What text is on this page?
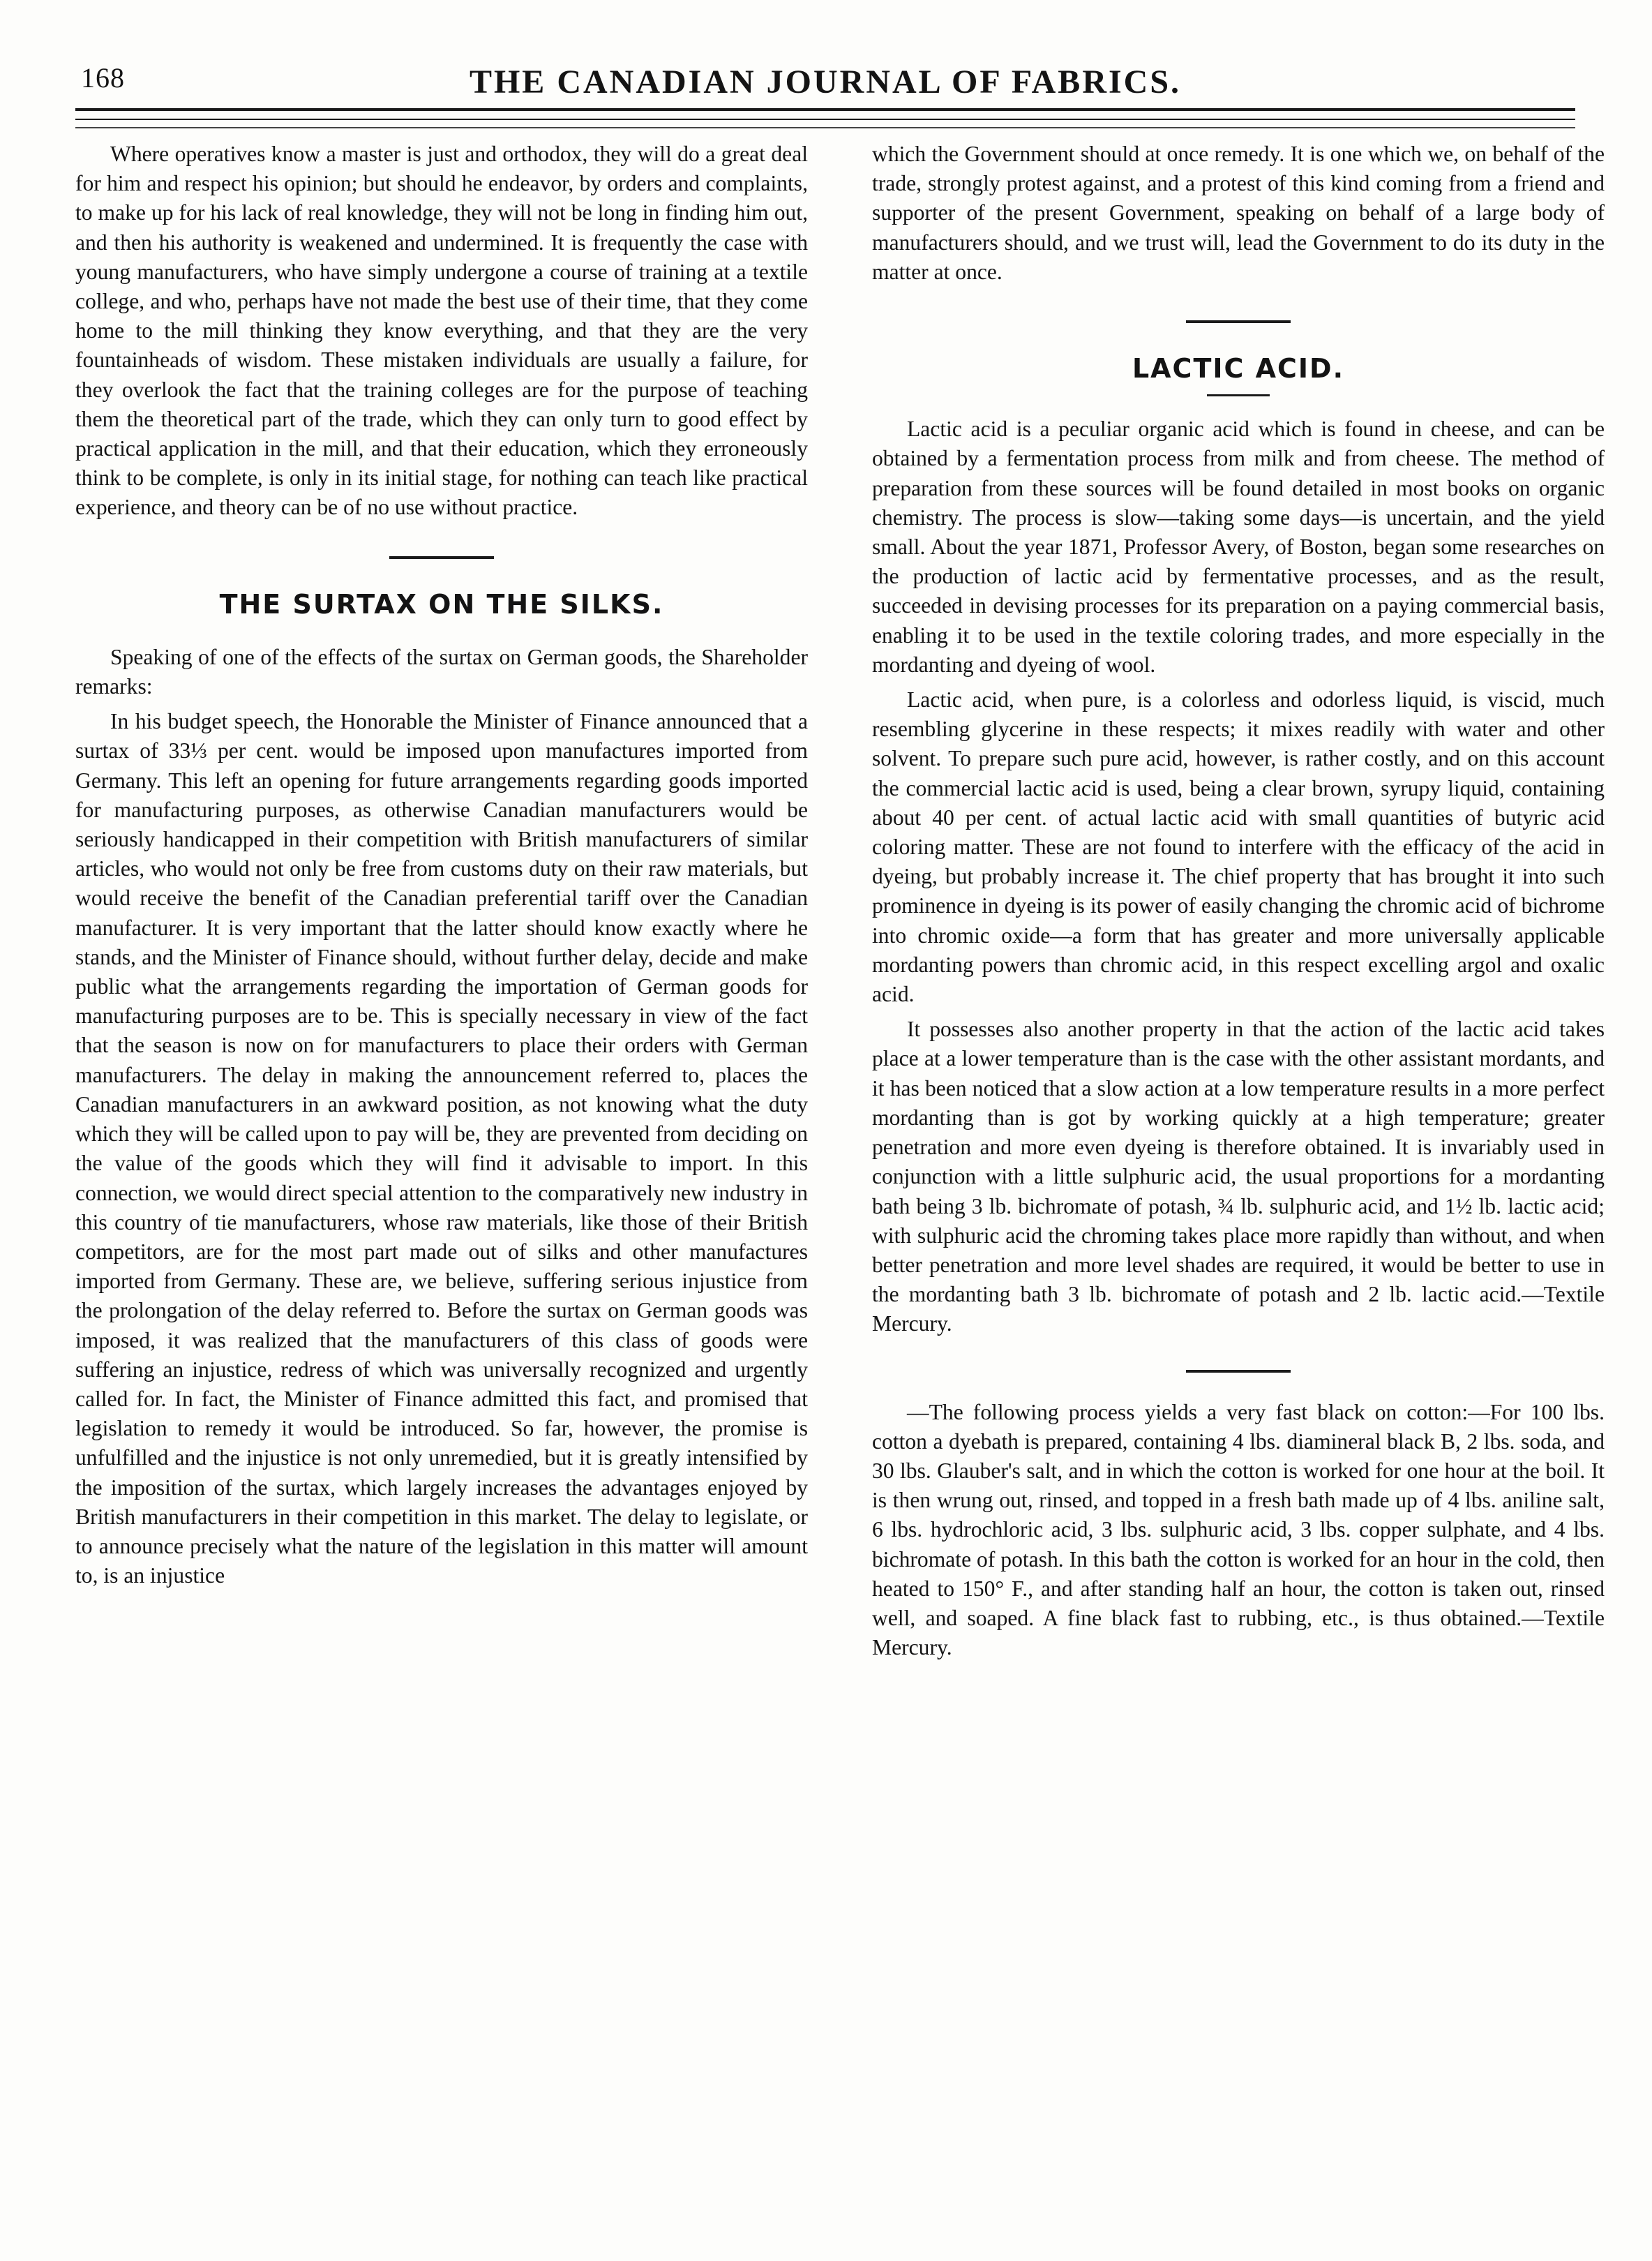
168	THE CANADIAN JOURNAL OF FABRICS.

Where operatives know a master is just and orthodox, they will do a great deal for him and respect his opinion; but should he endeavor, by orders and complaints, to make up for his lack of real knowledge, they will not be long in finding him out, and then his authority is weakened and undermined. It is frequently the case with young manufacturers, who have simply undergone a course of training at a textile college, and who, perhaps have not made the best use of their time, that they come home to the mill thinking they know everything, and that they are the very fountainheads of wisdom. These mistaken individuals are usually a failure, for they overlook the fact that the training colleges are for the purpose of teaching them the theoretical part of the trade, which they can only turn to good effect by practical application in the mill, and that their education, which they erroneously think to be complete, is only in its initial stage, for nothing can teach like practical experience, and theory can be of no use without practice.

THE SURTAX ON THE SILKS.

Speaking of one of the effects of the surtax on German goods, the Shareholder remarks:

In his budget speech, the Honorable the Minister of Finance announced that a surtax of 33⅓ per cent. would be imposed upon manufactures imported from Germany. This left an opening for future arrangements regarding goods imported for manufacturing purposes, as otherwise Canadian manufacturers would be seriously handicapped in their competition with British manufacturers of similar articles, who would not only be free from customs duty on their raw materials, but would receive the benefit of the Canadian preferential tariff over the Canadian manufacturer. It is very important that the latter should know exactly where he stands, and the Minister of Finance should, without further delay, decide and make public what the arrangements regarding the importation of German goods for manufacturing purposes are to be. This is specially necessary in view of the fact that the season is now on for manufacturers to place their orders with German manufacturers. The delay in making the announcement referred to, places the Canadian manufacturers in an awkward position, as not knowing what the duty which they will be called upon to pay will be, they are prevented from deciding on the value of the goods which they will find it advisable to import. In this connection, we would direct special attention to the comparatively new industry in this country of tie manufacturers, whose raw materials, like those of their British competitors, are for the most part made out of silks and other manufactures imported from Germany. These are, we believe, suffering serious injustice from the prolongation of the delay referred to. Before the surtax on German goods was imposed, it was realized that the manufacturers of this class of goods were suffering an injustice, redress of which was universally recognized and urgently called for. In fact, the Minister of Finance admitted this fact, and promised that legislation to remedy it would be introduced. So far, however, the promise is unfulfilled and the injustice is not only unremedied, but it is greatly intensified by the imposition of the surtax, which largely increases the advantages enjoyed by British manufacturers in their competition in this market. The delay to legislate, or to announce precisely what the nature of the legislation in this matter will amount to, is an injustice

which the Government should at once remedy. It is one which we, on behalf of the trade, strongly protest against, and a protest of this kind coming from a friend and supporter of the present Government, speaking on behalf of a large body of manufacturers should, and we trust will, lead the Government to do its duty in the matter at once.

LACTIC ACID.

Lactic acid is a peculiar organic acid which is found in cheese, and can be obtained by a fermentation process from milk and from cheese. The method of preparation from these sources will be found detailed in most books on organic chemistry. The process is slow—taking some days—is uncertain, and the yield small. About the year 1871, Professor Avery, of Boston, began some researches on the production of lactic acid by fermentative processes, and as the result, succeeded in devising processes for its preparation on a paying commercial basis, enabling it to be used in the textile coloring trades, and more especially in the mordanting and dyeing of wool.

Lactic acid, when pure, is a colorless and odorless liquid, is viscid, much resembling glycerine in these respects; it mixes readily with water and other solvent. To prepare such pure acid, however, is rather costly, and on this account the commercial lactic acid is used, being a clear brown, syrupy liquid, containing about 40 per cent. of actual lactic acid with small quantities of butyric acid coloring matter. These are not found to interfere with the efficacy of the acid in dyeing, but probably increase it. The chief property that has brought it into such prominence in dyeing is its power of easily changing the chromic acid of bichrome into chromic oxide—a form that has greater and more universally applicable mordanting powers than chromic acid, in this respect excelling argol and oxalic acid.

It possesses also another property in that the action of the lactic acid takes place at a lower temperature than is the case with the other assistant mordants, and it has been noticed that a slow action at a low temperature results in a more perfect mordanting than is got by working quickly at a high temperature; greater penetration and more even dyeing is therefore obtained. It is invariably used in conjunction with a little sulphuric acid, the usual proportions for a mordanting bath being 3 lb. bichromate of potash, ¾ lb. sulphuric acid, and 1½ lb. lactic acid; with sulphuric acid the chroming takes place more rapidly than without, and when better penetration and more level shades are required, it would be better to use in the mordanting bath 3 lb. bichromate of potash and 2 lb. lactic acid.—Textile Mercury.

—The following process yields a very fast black on cotton:—For 100 lbs. cotton a dyebath is prepared, containing 4 lbs. diamineral black B, 2 lbs. soda, and 30 lbs. Glauber's salt, and in which the cotton is worked for one hour at the boil. It is then wrung out, rinsed, and topped in a fresh bath made up of 4 lbs. aniline salt, 6 lbs. hydrochloric acid, 3 lbs. sulphuric acid, 3 lbs. copper sulphate, and 4 lbs. bichromate of potash. In this bath the cotton is worked for an hour in the cold, then heated to 150° F., and after standing half an hour, the cotton is taken out, rinsed well, and soaped. A fine black fast to rubbing, etc., is thus obtained.—Textile Mercury.
